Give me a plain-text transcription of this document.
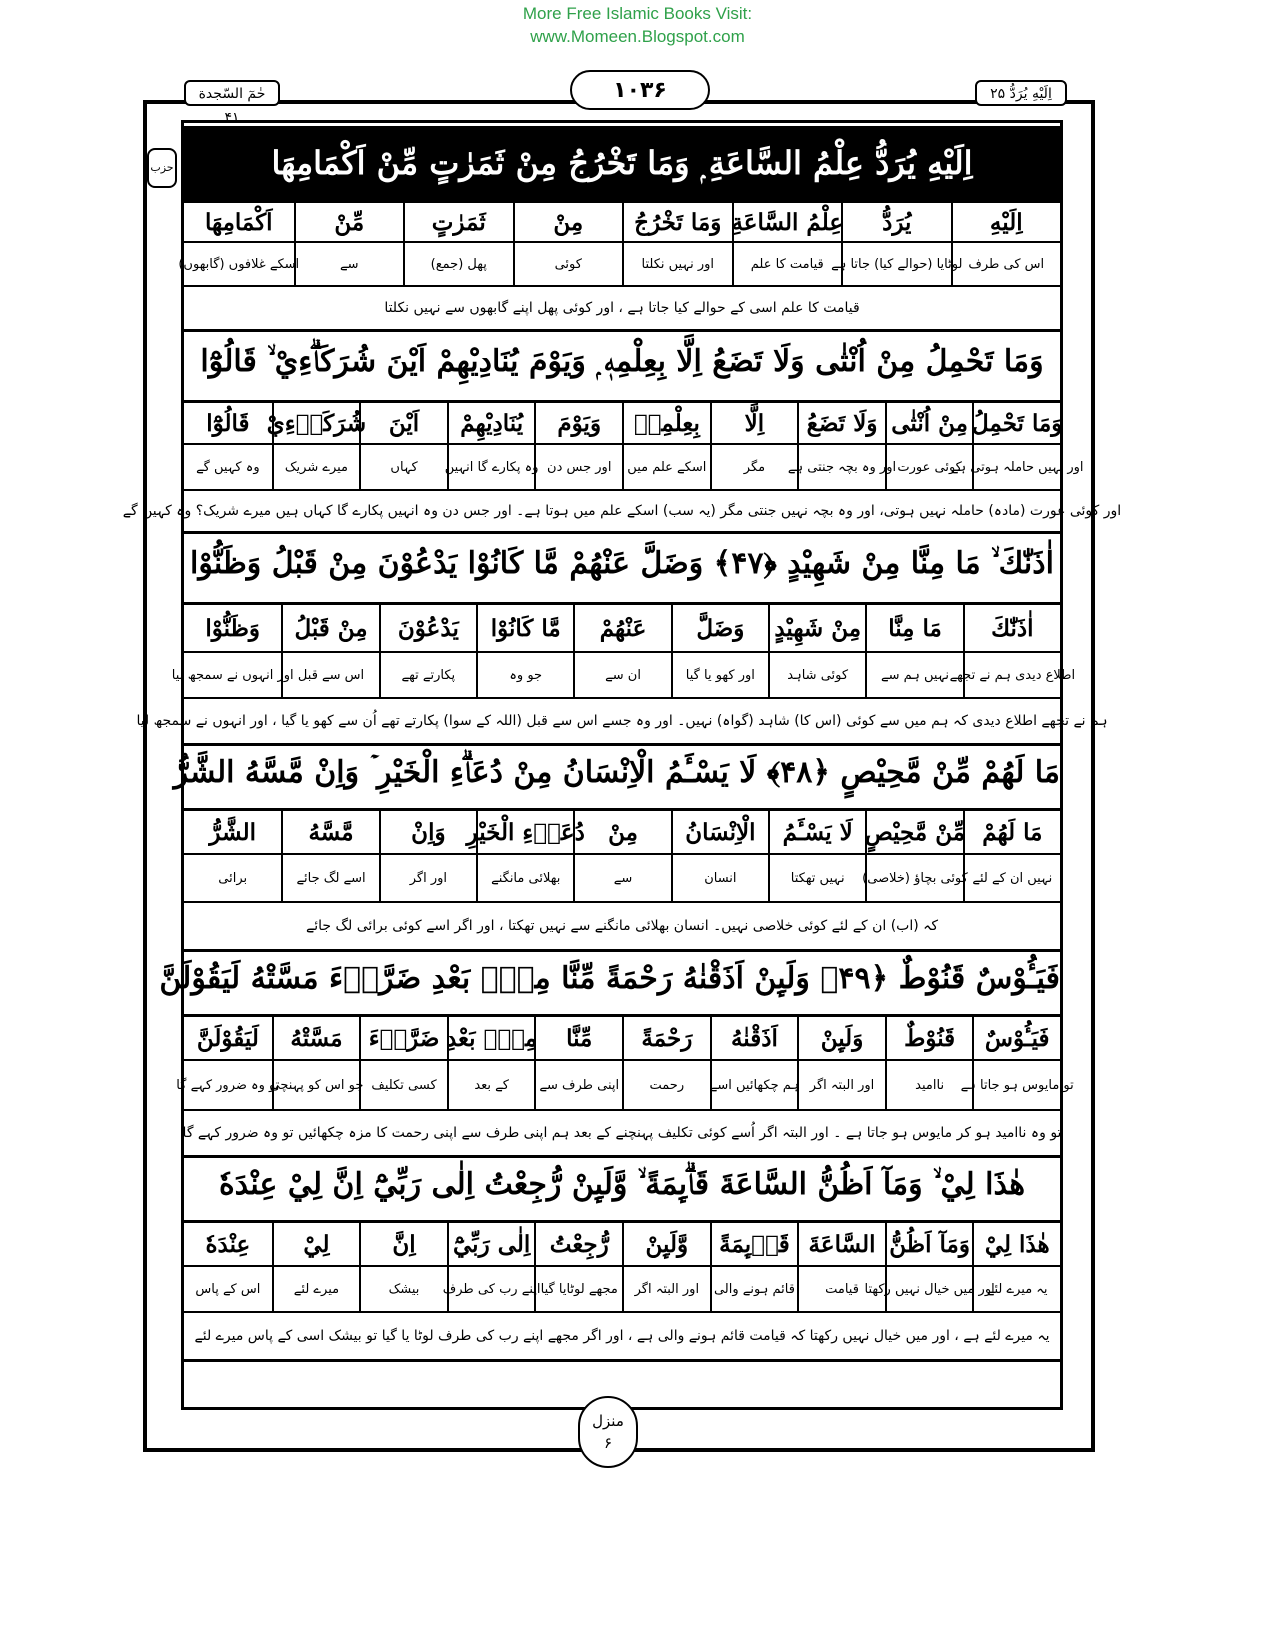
More Free Islamic Books Visit:
www.Momeen.Blogspot.com
حٰمٓ السّجدة ۴۱
۱۰۳۶	اِلَيْهِ يُرَدُّ ۲۵
حزب	اِلَيْهِ يُرَدُّ عِلْمُ السَّاعَةِ ۭ وَمَا تَخْرُجُ مِنْ ثَمَرٰتٍ مِّنْ اَكْمَامِهَا
اِلَيْهِ
يُرَدُّ
عِلْمُ السَّاعَةِ
وَمَا تَخْرُجُ
مِنْ
ثَمَرٰتٍ
مِّنْ
اَكْمَامِهَا
اس کی طرف
لوٹایا (حوالے کیا) جاتا ہے
قیامت کا علم
اور نہیں نکلتا
کوئی
پھل (جمع)
سے
اسکے غلافوں (گابھوں)
قیامت کا علم اسی کے حوالے کیا جاتا ہے ، اور کوئی پھل اپنے گابھوں سے نہیں نکلتا
وَمَا تَحْمِلُ مِنْ اُنْثٰى وَلَا تَضَعُ اِلَّا بِعِلْمِهٖ ۭ وَيَوْمَ يُنَادِيْهِمْ اَيْنَ شُرَكَاۗءِيْ ۙ قَالُوْٓا
وَمَا تَحْمِلُ
مِنْ اُنْثٰى
وَلَا تَضَعُ
اِلَّا
بِعِلْمِهٖ
وَيَوْمَ
يُنَادِيْهِمْ
اَيْنَ
شُرَكَاۗءِيْ
قَالُوْٓا
اور نہیں حاملہ ہوتی ہے
کوئی عورت
اور وہ بچہ جنتی ہے
مگر
اسکے علم میں
اور جس دن
وہ پکارے گا انہیں
کہاں
میرے شریک
وہ کہیں گے
اور کوئی عورت (مادہ) حاملہ نہیں ہوتی، اور وہ بچہ نہیں جنتی مگر (یہ سب) اسکے علم میں ہوتا ہے۔ اور جس دن وہ انہیں پکارے گا کہاں ہیں میرے شریک؟ وہ کہیں گے
اٰذَنّٰكَ ۙ مَا مِنَّا مِنْ شَهِيْدٍ ﴿۴۷﴾ وَضَلَّ عَنْهُمْ مَّا كَانُوْا يَدْعُوْنَ مِنْ قَبْلُ وَظَنُّوْا
اٰذَنّٰكَ
مَا مِنَّا
مِنْ شَهِيْدٍ
وَضَلَّ
عَنْهُمْ
مَّا كَانُوْا
يَدْعُوْنَ
مِنْ قَبْلُ
وَظَنُّوْا
اطلاع دیدی ہم نے تجھے
نہیں ہم سے
کوئی شاہد
اور کھو یا گیا
ان سے
جو وہ
پکارتے تھے
اس سے قبل
اور انہوں نے سمجھ لیا
ہم نے تجھے اطلاع دیدی کہ ہم میں سے کوئی (اس کا) شاہد (گواہ) نہیں۔ اور وہ جسے اس سے قبل (اللہ کے سوا) پکارتے تھے اُن سے کھو یا گیا ، اور انہوں نے سمجھ لیا
مَا لَهُمْ مِّنْ مَّحِيْصٍ ﴿۴۸﴾ لَا يَسْـَٔمُ الْاِنْسَانُ مِنْ دُعَاۗءِ الْخَيْرِ ۡ وَاِنْ مَّسَّهُ الشَّرُّ
مَا لَهُمْ
مِّنْ مَّحِيْصٍ
لَا يَسْـَٔمُ
الْاِنْسَانُ
مِنْ
دُعَاۗءِ الْخَيْرِ
وَاِنْ
مَّسَّهُ
الشَّرُّ
نہیں ان کے لئے
کوئی بچاؤ (خلاصی)
نہیں تھکتا
انسان
سے
بھلائی مانگنے
اور اگر
اسے لگ جائے
برائی
کہ (اب) ان کے لئے کوئی خلاصی نہیں۔ انسان بھلائی مانگنے سے نہیں تھکتا ، اور اگر اسے کوئی برائی لگ جائے
فَيَـُٔوْسٌ قَنُوْطٌ ﴿۴۹﴾ وَلَىِٕنْ اَذَقْنٰهُ رَحْمَةً مِّنَّا مِنْۢ بَعْدِ ضَرَّاۗءَ مَسَّتْهُ لَيَقُوْلَنَّ
فَيَـُٔوْسٌ
قَنُوْطٌ
وَلَىِٕنْ
اَذَقْنٰهُ
رَحْمَةً
مِّنَّا
مِنْۢ بَعْدِ
ضَرَّاۗءَ
مَسَّتْهُ
لَيَقُوْلَنَّ
تو مایوس ہو جاتا ہے
ناامید
اور البتہ اگر
ہم چکھائیں اسے
رحمت
اپنی طرف سے
کے بعد
کسی تکلیف
جو اس کو پہنچی
تو وہ ضرور کہے گا
تو وہ ناامید ہو کر مایوس ہو جاتا ہے ۔ اور البتہ اگر اُسے کوئی تکلیف پہنچنے کے بعد ہم اپنی طرف سے اپنی رحمت کا مزہ چکھائیں تو وہ ضرور کہے گا
هٰذَا لِيْ ۙ وَمَآ اَظُنُّ السَّاعَةَ قَاۗىِٕمَةً ۙ وَّلَىِٕنْ رُّجِعْتُ اِلٰى رَبِّيْٓ اِنَّ لِيْ عِنْدَهٗ
هٰذَا لِيْ
وَمَآ اَظُنُّ
السَّاعَةَ
قَاۗىِٕمَةً
وَّلَىِٕنْ
رُّجِعْتُ
اِلٰى رَبِّيْٓ
اِنَّ
لِيْ
عِنْدَهٗ
یہ میرے لئے
اور میں خیال نہیں رکھتا
قیامت
قائم ہونے والی
اور البتہ اگر
مجھے لوٹایا گیا
اپنے رب کی طرف
بیشک
میرے لئے
اس کے پاس
یہ میرے لئے ہے ، اور میں خیال نہیں رکھتا کہ قیامت قائم ہونے والی ہے ، اور اگر مجھے اپنے رب کی طرف لوٹا یا گیا تو بیشک اسی کے پاس میرے لئے
منزل
۶
